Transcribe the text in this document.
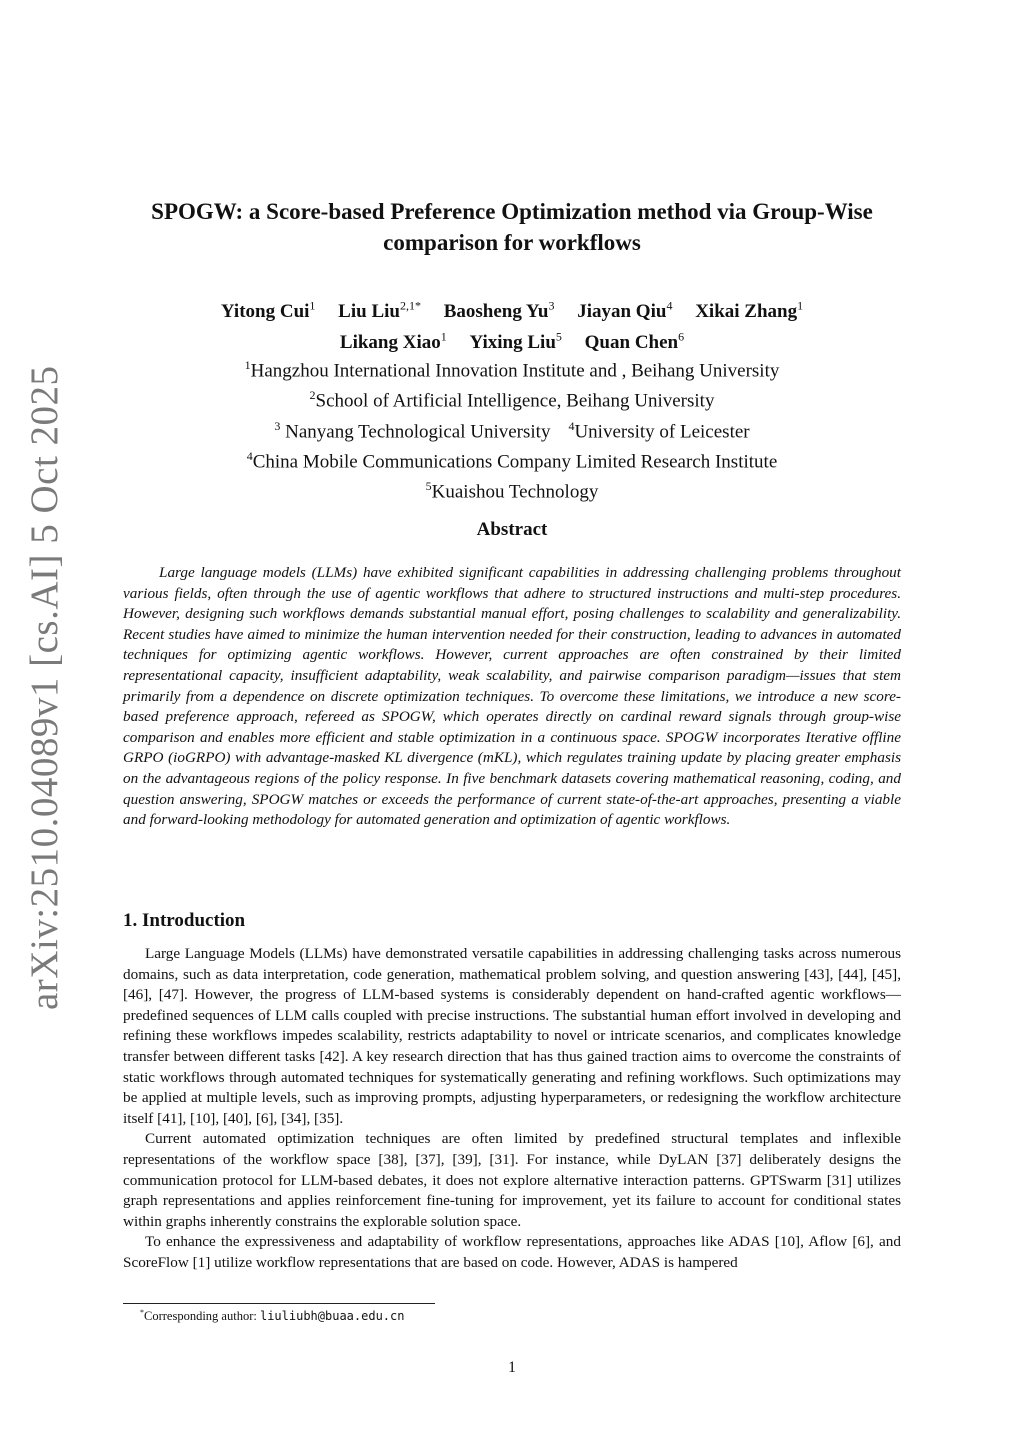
arXiv:2510.04089v1 [cs.AI] 5 Oct 2025
SPOGW: a Score-based Preference Optimization method via Group-Wise
comparison for workflows
Yitong Cui$^1$ Liu Liu$^{2,1*}$ Baosheng Yu$^3$ Jiayan Qiu$^4$ Xikai Zhang$^1$
Likang Xiao$^1$ Yixing Liu$^5$ Quan Chen$^6$
$^1$Hangzhou International Innovation Institute and , Beihang University
$^2$School of Artificial Intelligence, Beihang University
$^3$ Nanyang Technological University $^4$University of Leicester
$^4$China Mobile Communications Company Limited Research Institute
$^5$Kuaishou Technology
Abstract
Large language models (LLMs) have exhibited significant capabilities in addressing challenging problems throughout various fields, often through the use of agentic workflows that adhere to structured instructions and multi-step procedures. However, designing such workflows demands substantial manual effort, posing challenges to scalability and generalizability. Recent studies have aimed to minimize the human intervention needed for their construction, leading to advances in automated techniques for optimizing agentic workflows. However, current approaches are often constrained by their limited representational capacity, insufficient adaptability, weak scalability, and pairwise comparison paradigm—issues that stem primarily from a dependence on discrete optimization techniques. To overcome these limitations, we introduce a new score-based preference approach, refereed as SPOGW, which operates directly on cardinal reward signals through group-wise comparison and enables more efficient and stable optimization in a continuous space. SPOGW incorporates Iterative offline GRPO (ioGRPO) with advantage-masked KL divergence (mKL), which regulates training update by placing greater emphasis on the advantageous regions of the policy response. In five benchmark datasets covering mathematical reasoning, coding, and question answering, SPOGW matches or exceeds the performance of current state-of-the-art approaches, presenting a viable and forward-looking methodology for automated generation and optimization of agentic workflows.
1. Introduction

Large Language Models (LLMs) have demonstrated versatile capabilities in addressing challenging tasks across numerous domains, such as data interpretation, code generation, mathematical problem solving, and question answering [43], [44], [45], [46], [47]. However, the progress of LLM-based systems is considerably dependent on hand-crafted agentic workflows—predefined sequences of LLM calls coupled with precise instructions. The substantial human effort involved in developing and refining these workflows impedes scalability, restricts adaptability to novel or intricate scenarios, and complicates knowledge transfer between different tasks [42]. A key research direction that has thus gained traction aims to overcome the constraints of static workflows through automated techniques for systematically generating and refining workflows. Such optimizations may be applied at multiple levels, such as improving prompts, adjusting hyperparameters, or redesigning the workflow architecture itself [41], [10], [40], [6], [34], [35].

Current automated optimization techniques are often limited by predefined structural templates and inflexible representations of the workflow space [38], [37], [39], [31]. For instance, while DyLAN [37] deliberately designs the communication protocol for LLM-based debates, it does not explore alternative interaction patterns. GPTSwarm [31] utilizes graph representations and applies reinforcement fine-tuning for improvement, yet its failure to account for conditional states within graphs inherently constrains the explorable solution space.

To enhance the expressiveness and adaptability of workflow representations, approaches like ADAS [10], Aflow [6], and ScoreFlow [1] utilize workflow representations that are based on code. However, ADAS is hampered

*Corresponding author: liuliubh@buaa.edu.cn
1
